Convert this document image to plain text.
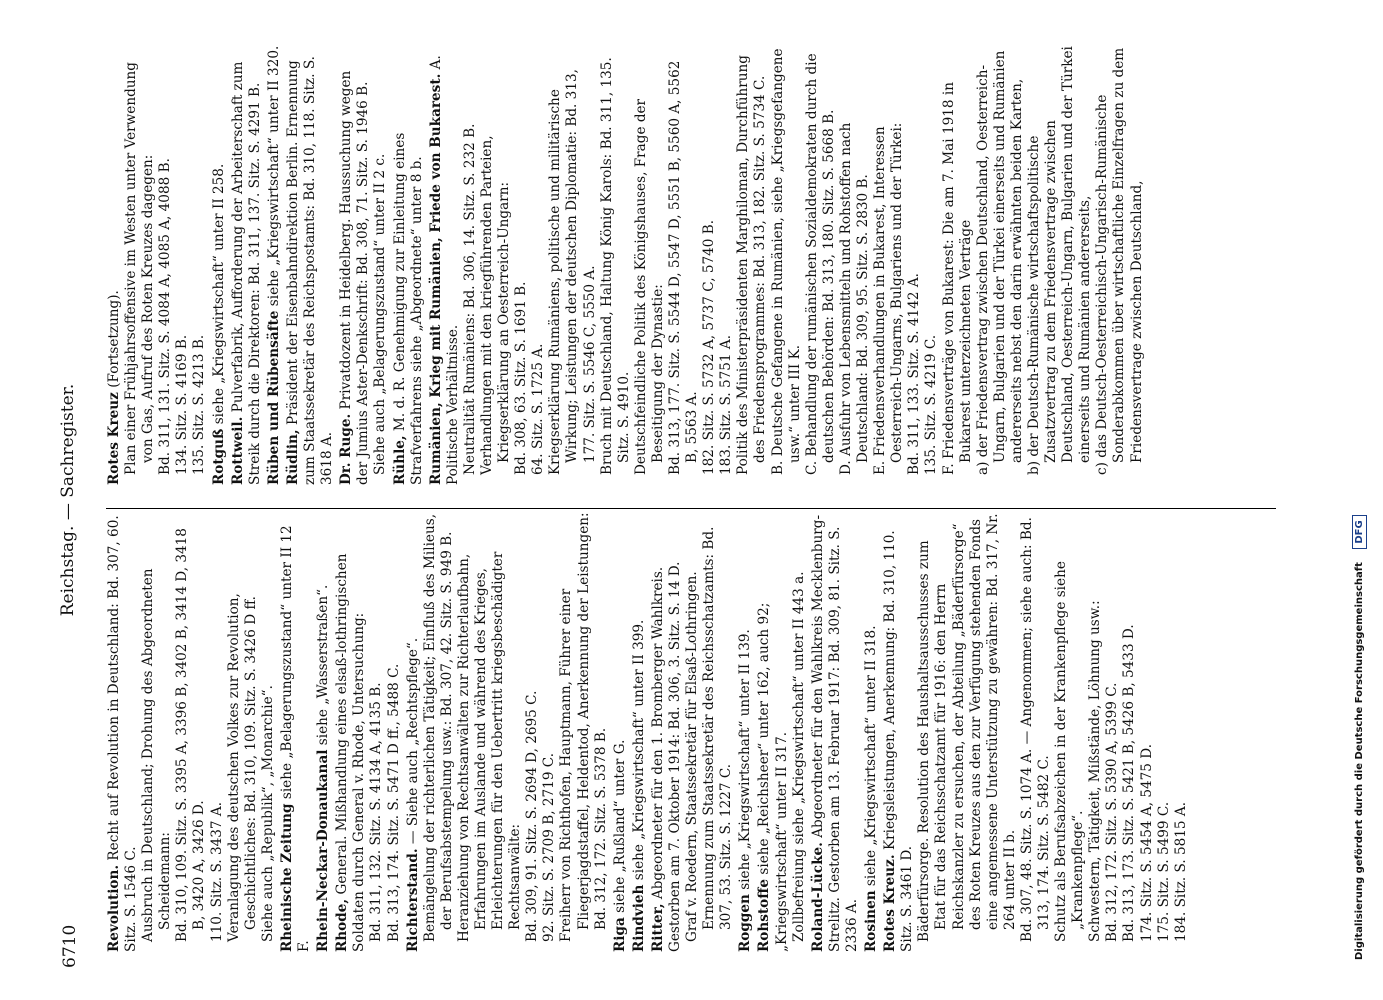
6710
Reichstag. — Sachregister.
Revolution. Recht auf Revolution in Deutschland: Bd. 307, 60. Sitz. S. 1546 C. Ausbruch in Deutschland; Drohung des Abgeordneten Scheidemann: Bd. 310, 109. Sitz. S. 3395 A, 3396 B, 3402 B, 3414 D, 3418 B, 3420 A, 3426 D. 110. Sitz. S. 3437 A. Veranlagung des deutschen Volkes zur Revolution, Geschichtliches: Bd. 310, 109. Sitz. S. 3426 D ff. Siehe auch „Republik“, „Monarchie“. Rheinische Zeitung siehe „Belagerungszustand“ unter II 12 F. Rhein-Neckar-Donaukanal siehe „Wasserstraßen“.
Rhode, General. Mißhandlung eines elsaß-lothringischen Soldaten durch General v. Rhode, Untersuchung: Bd. 311, 132. Sitz. S. 4134 A, 4135 B. Bd. 313, 174. Sitz. S. 5471 D ff., 5488 C. Richterstand. — Siehe auch „Rechtspflege“. Bemängelung der richterlichen Tätigkeit; Einfluß des Milieus, der Berufsabstempelung usw.: Bd. 307, 42. Sitz. S. 949 B. Heranziehung von Rechtsanwälten zur Richterlaufbahn, Erfahrungen im Auslande und während des Krieges, Erleichterungen für den Uebertritt kriegsbeschädigter Rechtsanwälte: Bd. 309, 91. Sitz. S. 2694 D, 2695 C. 92. Sitz. S. 2709 B, 2719 C. Freiherr von Richthofen, Hauptmann, Führer einer Fliegerjagdstaffel, Heldentod, Anerkennung der Leistungen: Bd. 312, 172. Sitz. S. 5378 B.
Riga siehe „Rußland“ unter G.
Rindvieh siehe „Kriegswirtschaft“ unter II 399.
Ritter, Abgeordneter für den 1. Bromberger Wahlkreis. Gestorben am 7. Oktober 1914: Bd. 306, 3. Sitz. S. 14 D. Graf v. Roedern, Staatssekretär für Elsaß-Lothringen. Ernennung zum Staatssekretär des Reichsschatzamts: Bd. 307, 53. Sitz. S. 1227 C. Roggen siehe „Kriegswirtschaft“ unter II 139.
Rohstoffe siehe „Reichsheer“ unter 162, auch 92; „Kriegswirtschaft“ unter II 317. Zollbefreiung siehe „Kriegswirtschaft“ unter II 443 a. Roland-Lücke. Abgeordneter für den Wahlkreis Mecklenburg-Strelitz. Gestorben am 13. Februar 1917: Bd. 309, 81. Sitz. S. 2336 A. Rosinen siehe „Kriegswirtschaft“ unter II 318.
Rotes Kreuz. Kriegsleistungen, Anerkennung: Bd. 310, 110. Sitz. S. 3461 D. Bäderfürsorge. Resolution des Haushaltsausschusses zum Etat für das Reichsschatzamt für 1916: den Herrn Reichskanzler zu ersuchen, der Abteilung „Bäderfürsorge“ des Roten Kreuzes aus den zur Verfügung stehenden Fonds eine angemessene Unterstützung zu gewähren: Bd. 317, Nr. 264 unter II b. Bd. 307, 48. Sitz. S. 1074 A. — Angenommen; siehe auch: Bd. 313, 174. Sitz. S. 5482 C. Schutz als Berufsabzeichen in der Krankenpflege siehe „Krankenpflege“. Schwestern, Tätigkeit, Mißstände, Löhnung usw.: Bd. 312, 172. Sitz. S. 5390 A, 5399 C. Bd. 313, 173. Sitz. S. 5421 B, 5426 B, 5433 D. 174. Sitz. S. 5454 A, 5475 D. 175. Sitz. S. 5499 C. 184. Sitz. S. 5815 A.
Rotes Kreuz (Fortsetzung). Plan einer Frühjahrsoffensive im Westen unter Verwendung von Gas, Aufruf des Roten Kreuzes dagegen: Bd. 311, 131. Sitz. S. 4084 A, 4085 A, 4088 B. 134. Sitz. S. 4169 B. 135. Sitz. S. 4213 B. Rotguß siehe „Kriegswirtschaft“ unter II 258.
Rottweil. Pulverfabrik, Aufforderung der Arbeiterschaft zum Streik durch die Direktoren: Bd. 311, 137. Sitz. S. 4291 B. Rüben und Rübensäfte siehe „Kriegswirtschaft“ unter II 320.
Rüdlin, Präsident der Eisenbahndirektion Berlin. Ernennung zum Staatssekretär des Reichspostamts: Bd. 310, 118. Sitz. S. 3618 A. Dr. Ruge. Privatdozent in Heidelberg. Haussuchung wegen der Jumius Aster-Denkschrift: Bd. 308, 71. Sitz. S. 1946 B. Siehe auch „Belagerungszustand“ unter II 2 c. Rühle, M. d. R. Genehmigung zur Einleitung eines Strafverfahrens siehe „Abgeordnete“ unter 8 b. Rumänien, Krieg mit Rumänien, Friede von Bukarest. A. Politische Verhältnisse. Neutralität Rumäniens: Bd. 306, 14. Sitz. S. 232 B. Verhandlungen mit den kriegführenden Parteien, Kriegserklärung an Oesterreich-Ungarn: Bd. 308, 63. Sitz. S. 1691 B. 64. Sitz. S. 1725 A. Kriegserklärung Rumäniens, politische und militärische Wirkung; Leistungen der deutschen Diplomatie: Bd. 313, 177. Sitz. S. 5546 C, 5550 A. Bruch mit Deutschland, Haltung König Karols: Bd. 311, 135. Sitz. S. 4910. Deutschfeindliche Politik des Königshauses, Frage der Beseitigung der Dynastie: Bd. 313, 177. Sitz. S. 5544 D, 5547 D, 5551 B, 5560 A, 5562 B, 5563 A. 182. Sitz. S. 5732 A, 5737 C, 5740 B. 183. Sitz. S. 5751 A. Politik des Ministerpräsidenten Marghiloman, Durchführung des Friedensprogrammes: Bd. 313, 182. Sitz. S. 5734 C. B. Deutsche Gefangene in Rumänien, siehe „Kriegsgefangene usw.“ unter III K. C. Behandlung der rumänischen Sozialdemokraten durch die deutschen Behörden: Bd. 313, 180. Sitz. S. 5668 B. D. Ausfuhr von Lebensmitteln und Rohstoffen nach Deutschland: Bd. 309, 95. Sitz. S. 2830 B. E. Friedensverhandlungen in Bukarest, Interessen Oesterreich-Ungarns, Bulgariens und der Türkei: Bd. 311, 133. Sitz. S. 4142 A. 135. Sitz. S. 4219 C. F. Friedensverträge von Bukarest: Die am 7. Mai 1918 in Bukarest unterzeichneten Verträge a) der Friedensvertrag zwischen Deutschland, Oesterreich-Ungarn, Bulgarien und der Türkei einerseits und Rumänien andererseits nebst den darin erwähnten beiden Karten, b) der Deutsch-Rumänische wirtschaftspolitische Zusatzvertrag zu dem Friedensvertrage zwischen Deutschland, Oesterreich-Ungarn, Bulgarien und der Türkei einerseits und Rumänien andererseits, c) das Deutsch-Oesterreichisch-Ungarisch-Rumänische Sonderabkommen über wirtschaftliche Einzelfragen zu dem Friedensvertrage zwischen Deutschland,
Digitalisierung gefördert durch die Deutsche Forschungsgemeinschaft DFG
